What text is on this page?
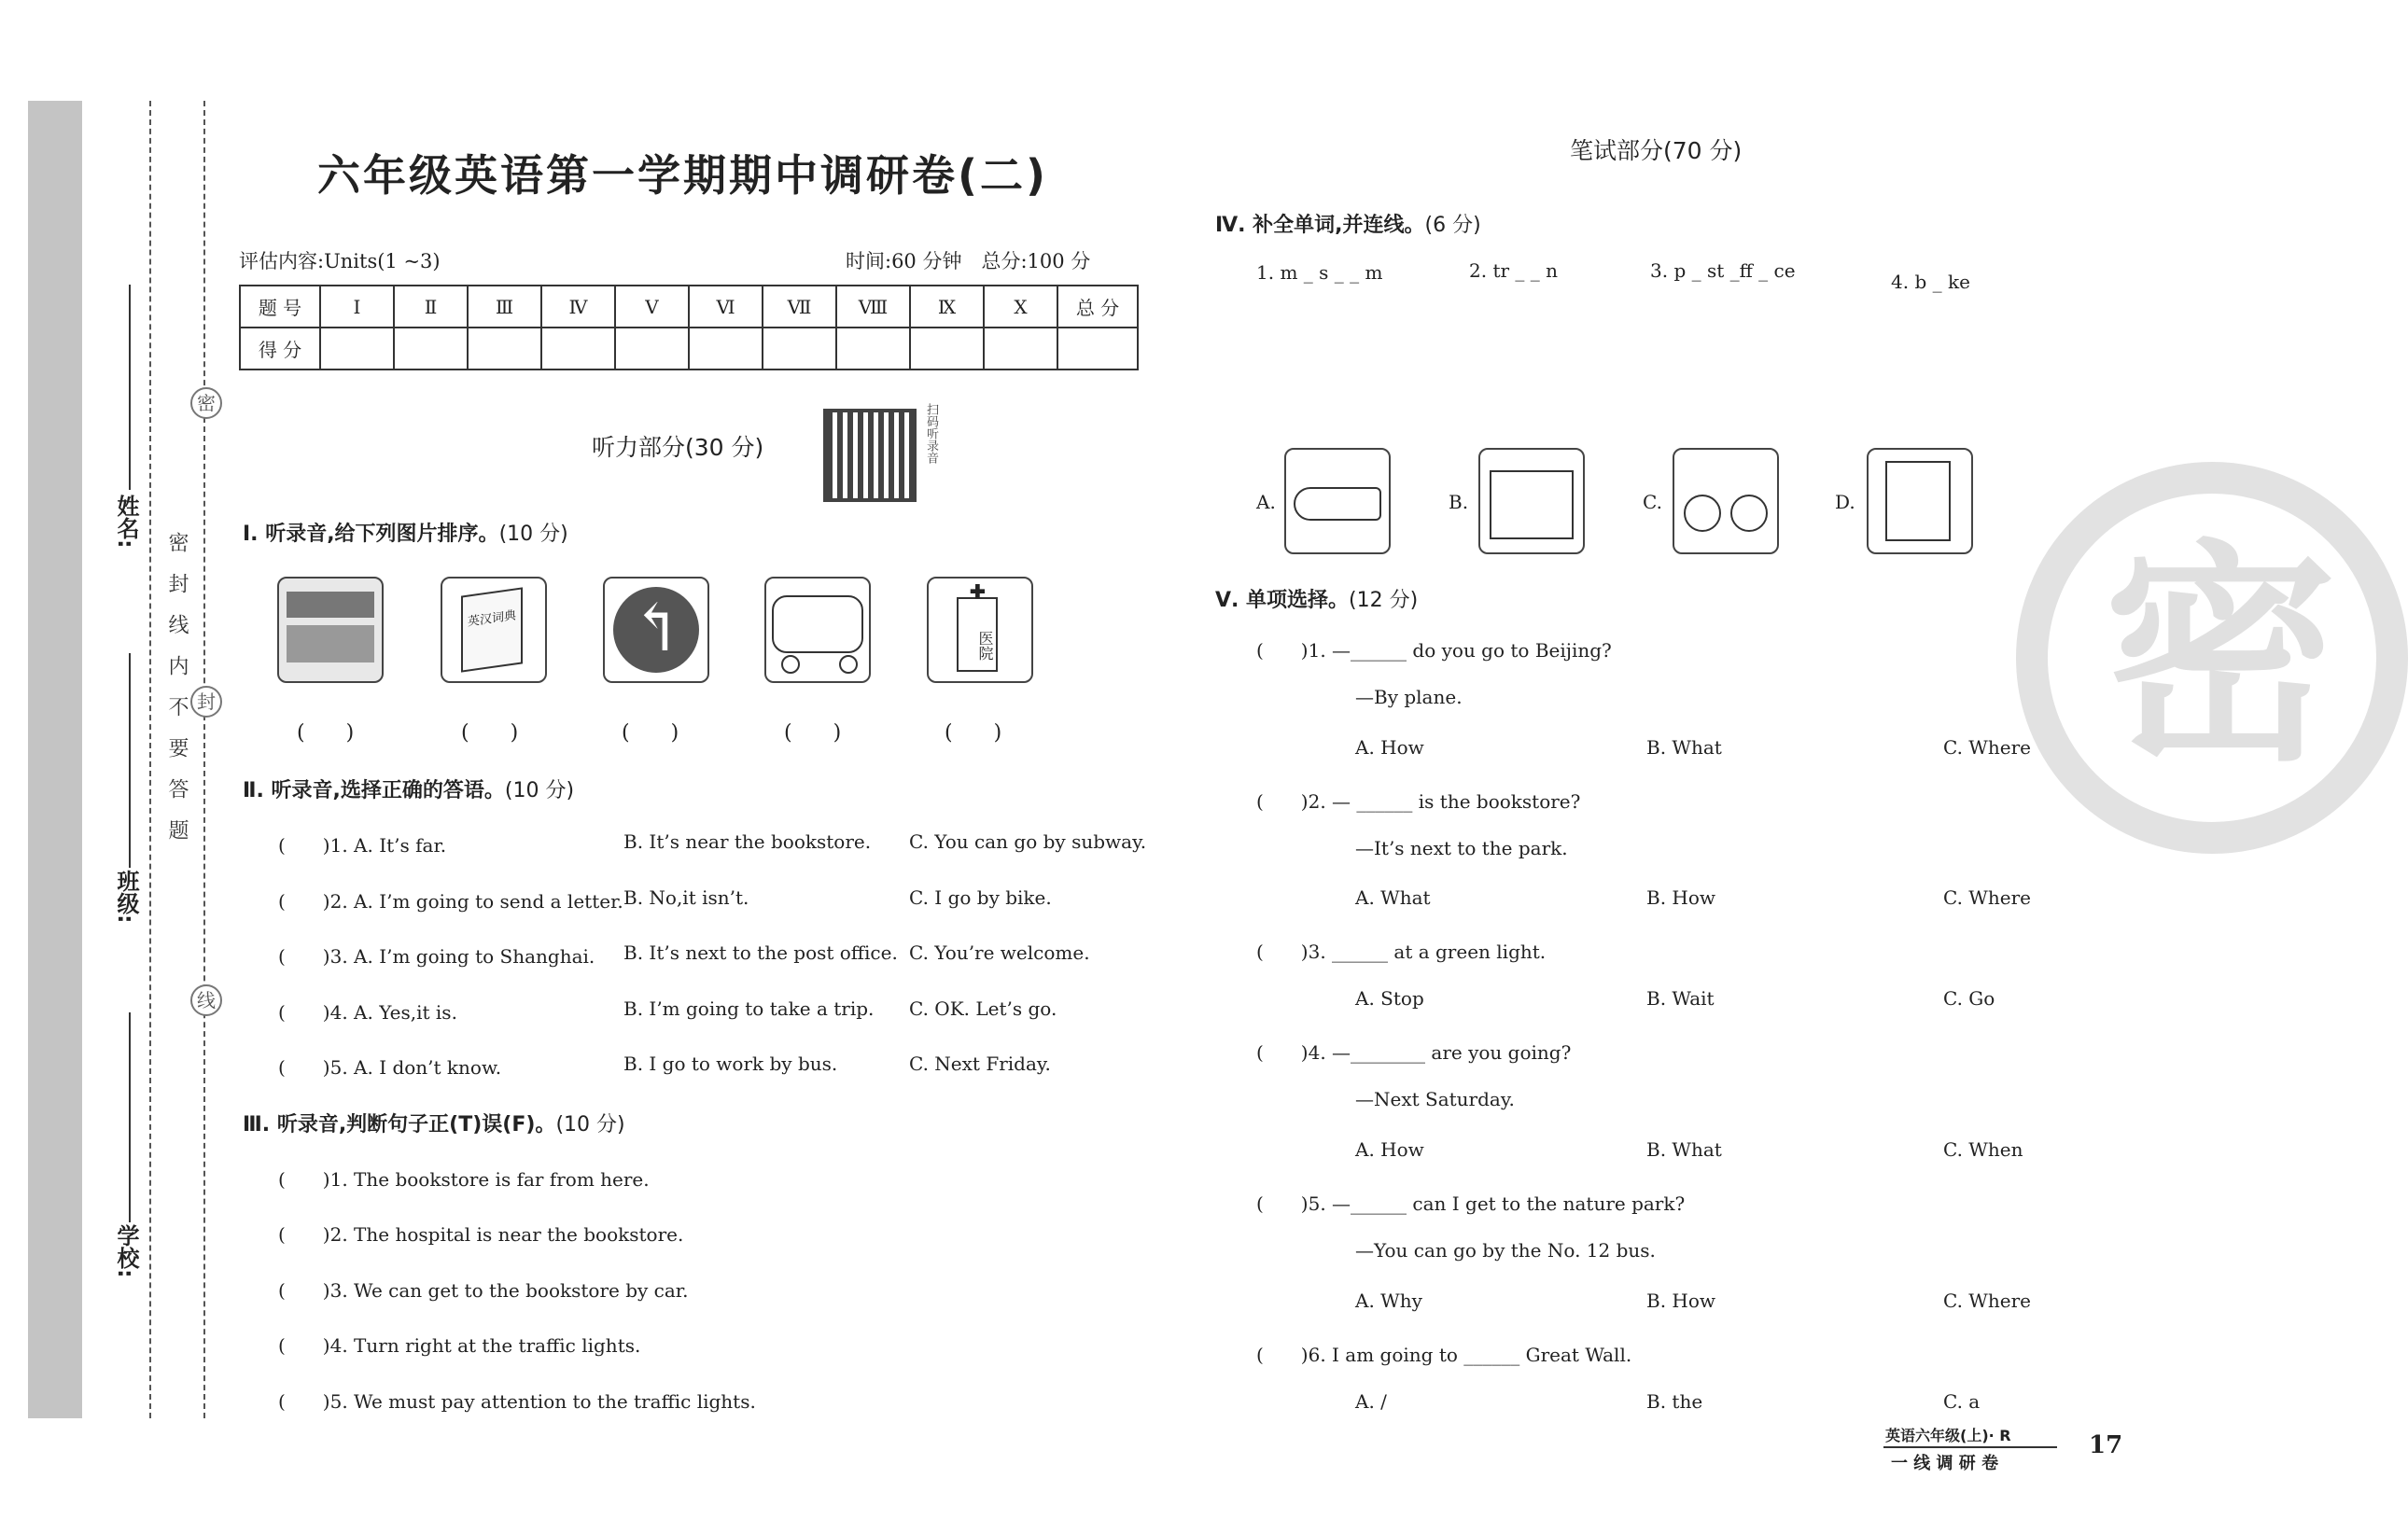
密
封
线
姓名:
班级:
学校:
密封线内不要答题	密
六年级英语第一学期期中调研卷(二)
评估内容:Units(1 ~3)	时间:60 分钟　总分:100 分
题 号	Ⅰ	Ⅱ	Ⅲ	Ⅳ	Ⅴ	Ⅵ	Ⅶ	Ⅷ	Ⅸ	Ⅹ	总 分
得 分											
听力部分(30 分)	扫码听录音
Ⅰ. 听录音,给下列图片排序。(10 分)
英汉词典 ↰	医院
✚
(　　)	(　　)	(　　)	(　　)	(　　)
Ⅱ. 听录音,选择正确的答语。(10 分)
(　　)1. A. It’s far.	B. It’s near the bookstore. C. You can go by subway.
(　　)2. A. I’m going to send a letter. B. No,it isn’t.	C. I go by bike.
(　　)3. A. I’m going to Shanghai. B. It’s next to the post office. C. You’re welcome.
(　　)4. A. Yes,it is.	B. I’m going to take a trip. C. OK. Let’s go.
(　　)5. A. I don’t know.	B. I go to work by bus.	C. Next Friday.
Ⅲ. 听录音,判断句子正(T)误(F)。(10 分)
(　　)1. The bookstore is far from here.
(　　)2. The hospital is near the bookstore.
(　　)3. We can get to the bookstore by car.
(　　)4. Turn right at the traffic lights.
(　　)5. We must pay attention to the traffic lights.
笔试部分(70 分)
Ⅳ. 补全单词,并连线。(6 分)
1. m _ s _ _ m	2. tr _ _ n	3. p _ st _ff _ ce	4. b _ ke
A.	B.	C.	D.
Ⅴ. 单项选择。(12 分)
(　　)1. —______ do you go to Beijing?
—By plane.
A. How	B. What	C. Where
(　　)2. — ______ is the bookstore?
—It’s next to the park.
A. What	B. How	C. Where
(　　)3. ______ at a green light.
A. Stop	B. Wait	C. Go
(　　)4. —________ are you going?
—Next Saturday.
A. How	B. What	C. When
(　　)5. —______ can I get to the nature park?
—You can go by the No. 12 bus.
A. Why	B. How	C. Where
(　　)6. I am going to ______ Great Wall.
A. /	B. the	C. a
英语六年级(上)· R
一 线 调 研 卷
17
